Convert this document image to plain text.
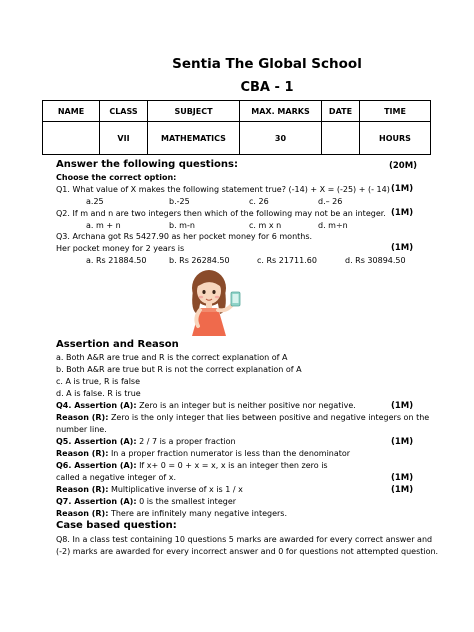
Sentia The Global School
CBA - 1
NAME	CLASS	SUBJECT	MAX. MARKS	DATE	TIME
	VII	MATHEMATICS	30		HOURS
Answer the following questions:	(20M)
Choose the correct option:
Q1. What value of X makes the following statement true? (-14) + X = (-25) + (- 14) (1M)
a.25	b.-25	c. 26	d.– 26
Q2. If m and n are two integers then which of the following may not be an integer. (1M)
a. m + n	b. m-n	c. m x n	d. m÷n
Q3. Archana got Rs 5427.90 as her pocket money for 6 months.
Her pocket money for 2 years is	(1M)
a. Rs 21884.50	b. Rs 26284.50	c. Rs 21711.60	d. Rs 30894.50
Assertion and Reason
a. Both A&R are true and R is the correct explanation of A
b. Both A&R are true but R is not the correct explanation of A
c. A is true, R is false
d. A is false. R is true
Q4. Assertion (A): Zero is an integer but is neither positive nor negative.	(1M)
Reason (R): Zero is the only integer that lies between positive and negative integers on the
number line.
Q5. Assertion (A): 2 / 7 is a proper fraction	(1M)
Reason (R): In a proper fraction numerator is less than the denominator
Q6. Assertion (A): If x+ 0 = 0 + x = x, x is an integer then zero is
called a negative integer of x.	(1M)
Reason (R): Multiplicative inverse of x is 1 / x	(1M)
Q7. Assertion (A): 0 is the smallest integer
Reason (R): There are infinitely many negative integers.
Case based question:
Q8. In a class test containing 10 questions 5 marks are awarded for every correct answer and
(-2) marks are awarded for every incorrect answer and 0 for questions not attempted question.
